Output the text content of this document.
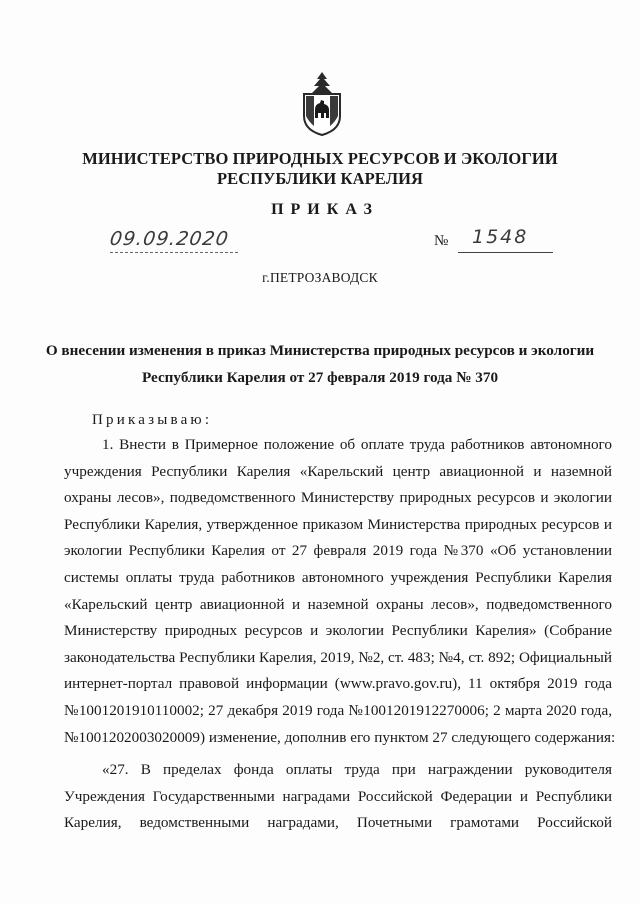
МИНИСТЕРСТВО ПРИРОДНЫХ РЕСУРСОВ И ЭКОЛОГИИ
РЕСПУБЛИКИ КАРЕЛИЯ
ПРИКАЗ
09.09.2020	№ 1548
г.ПЕТРОЗАВОДСК
О внесении изменения в приказ Министерства природных ресурсов и экологии
Республики Карелия от 27 февраля 2019 года № 370
Приказываю:
1. Внести в Примерное положение об оплате труда работников автономного
учреждения Республики Карелия «Карельский центр авиационной и наземной
охраны лесов», подведомственного Министерству природных ресурсов и экологии
Республики Карелия, утвержденное приказом Министерства природных ресурсов и
экологии Республики Карелия от 27 февраля 2019 года №370 «Об установлении
системы оплаты труда работников автономного учреждения Республики Карелия
«Карельский центр авиационной и наземной охраны лесов», подведомственного
Министерству природных ресурсов и экологии Республики Карелия» (Собрание
законодательства Республики Карелия, 2019, №2, ст. 483; №4, ст. 892; Официальный
интернет-портал правовой информации (www.pravo.gov.ru), 11 октября 2019 года
№1001201910110002; 27 декабря 2019 года №1001201912270006; 2 марта 2020 года,
№1001202003020009) изменение, дополнив его пунктом 27 следующего содержания:
«27. В пределах фонда оплаты труда при награждении руководителя
Учреждения Государственными наградами Российской Федерации и Республики
Карелия, ведомственными наградами, Почетными грамотами Российской
